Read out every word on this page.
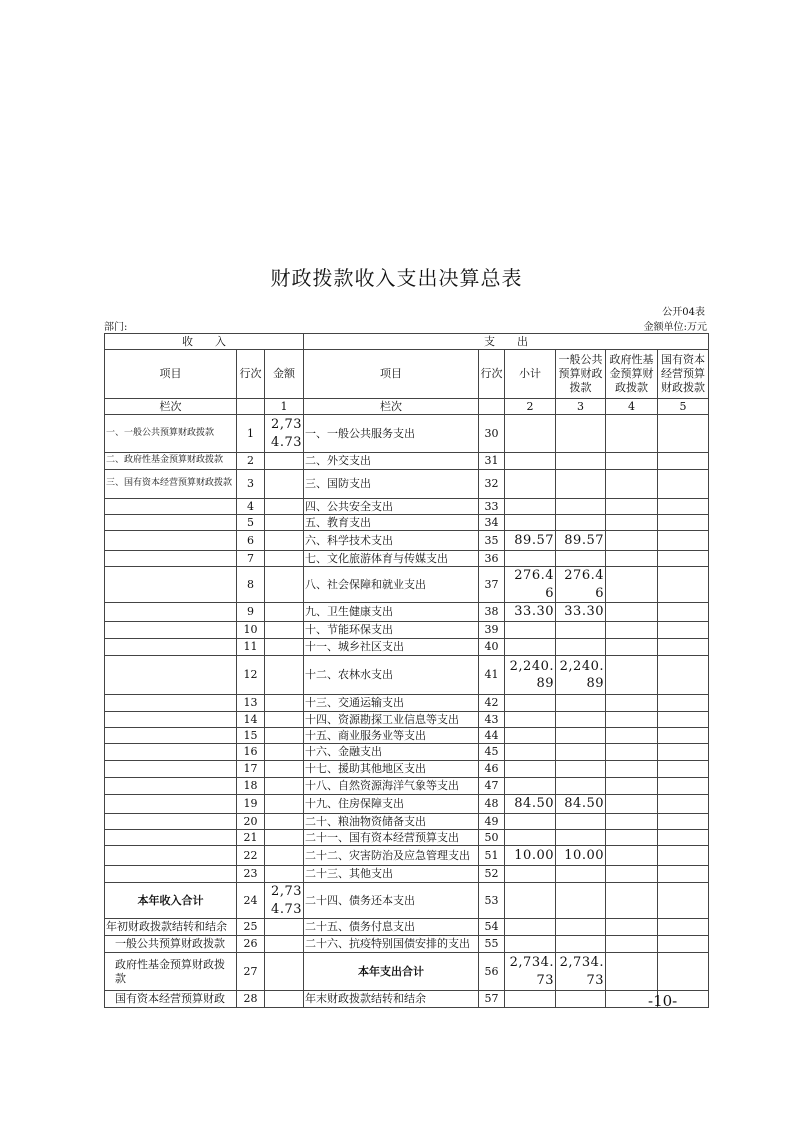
财政拨款收入支出决算总表
公开04表
部门:	金额单位:万元
收　　入			支　　出					
项目	行次	金额	项目	行次	小计	一般公共预算财政拨款	政府性基金预算财政拨款	国有资本经营预算财政拨款
栏次		1	栏次		2	3	4	5
一、一般公共预算财政拨款	1	2,734.73	一、一般公共服务支出	30				
二、政府性基金预算财政拨款	2		二、外交支出	31				
三、国有资本经营预算财政拨款	3		三、国防支出	32				
	4		四、公共安全支出	33				
	5		五、教育支出	34				
	6		六、科学技术支出	35	89.57	89.57		
	7		七、文化旅游体育与传媒支出	36				
	8		八、社会保障和就业支出	37	276.46	276.46		
	9		九、卫生健康支出	38	33.30	33.30		
	10		十、节能环保支出	39				
	11		十一、城乡社区支出	40				
	12		十二、农林水支出	41	2,240.89	2,240.89		
	13		十三、交通运输支出	42				
	14		十四、资源勘探工业信息等支出	43				
	15		十五、商业服务业等支出	44				
	16		十六、金融支出	45				
	17		十七、援助其他地区支出	46				
	18		十八、自然资源海洋气象等支出	47				
	19		十九、住房保障支出	48	84.50	84.50		
	20		二十、粮油物资储备支出	49				
	21		二十一、国有资本经营预算支出	50				
	22		二十二、灾害防治及应急管理支出	51	10.00	10.00		
	23		二十三、其他支出	52				
本年收入合计	24	2,734.73	二十四、债务还本支出	53				
年初财政拨款结转和结余	25		二十五、债务付息支出	54				
一般公共预算财政拨款	26		二十六、抗疫特别国债安排的支出	55				
政府性基金预算财政拨款	27		本年支出合计	56	2,734.73	2,734.73		
国有资本经营预算财政	28		年末财政拨款结转和结余	57					-10-
